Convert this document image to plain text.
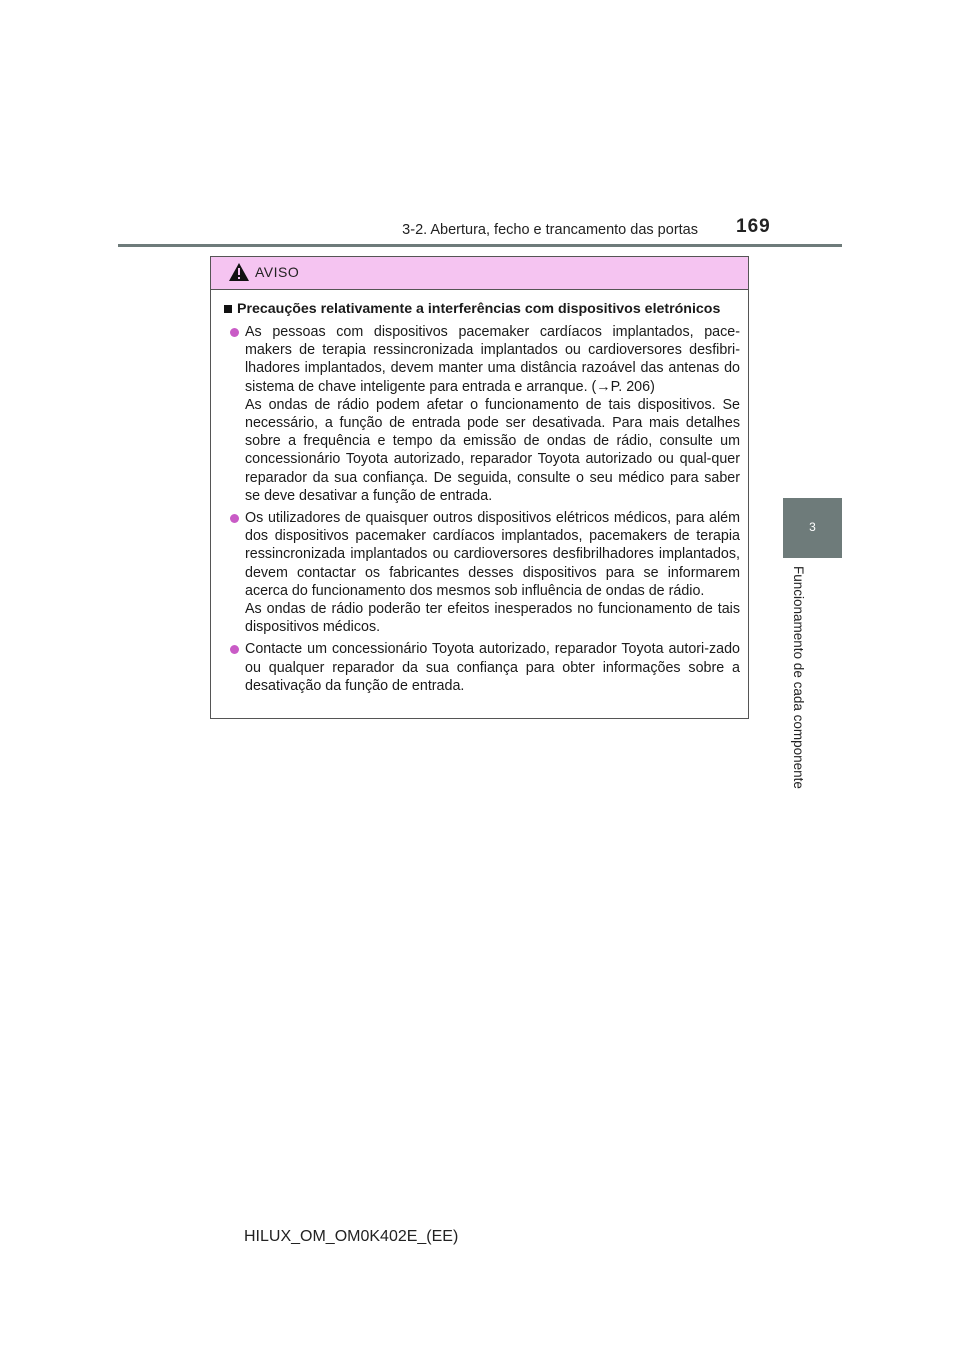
3-2. Abertura, fecho e trancamento das portas 169
3
Funcionamento de cada componente
AVISO
Precauções relativamente a interferências com dispositivos eletrónicos
As pessoas com dispositivos pacemaker cardíacos implantados, pace-makers de terapia ressincronizada implantados ou cardioversores desfibri-lhadores implantados, devem manter uma distância razoável das antenas do sistema de chave inteligente para entrada e arranque. (→P. 206)
As ondas de rádio podem afetar o funcionamento de tais dispositivos. Se necessário, a função de entrada pode ser desativada. Para mais detalhes sobre a frequência e tempo da emissão de ondas de rádio, consulte um concessionário Toyota autorizado, reparador Toyota autorizado ou qual-quer reparador da sua confiança. De seguida, consulte o seu médico para saber se deve desativar a função de entrada.
Os utilizadores de quaisquer outros dispositivos elétricos médicos, para além dos dispositivos pacemaker cardíacos implantados, pacemakers de terapia ressincronizada implantados ou cardioversores desfibrilhadores implantados, devem contactar os fabricantes desses dispositivos para se informarem acerca do funcionamento dos mesmos sob influência de ondas de rádio.
As ondas de rádio poderão ter efeitos inesperados no funcionamento de tais dispositivos médicos.
Contacte um concessionário Toyota autorizado, reparador Toyota autori-zado ou qualquer reparador da sua confiança para obter informações sobre a desativação da função de entrada.
HILUX_OM_OM0K402E_(EE)
